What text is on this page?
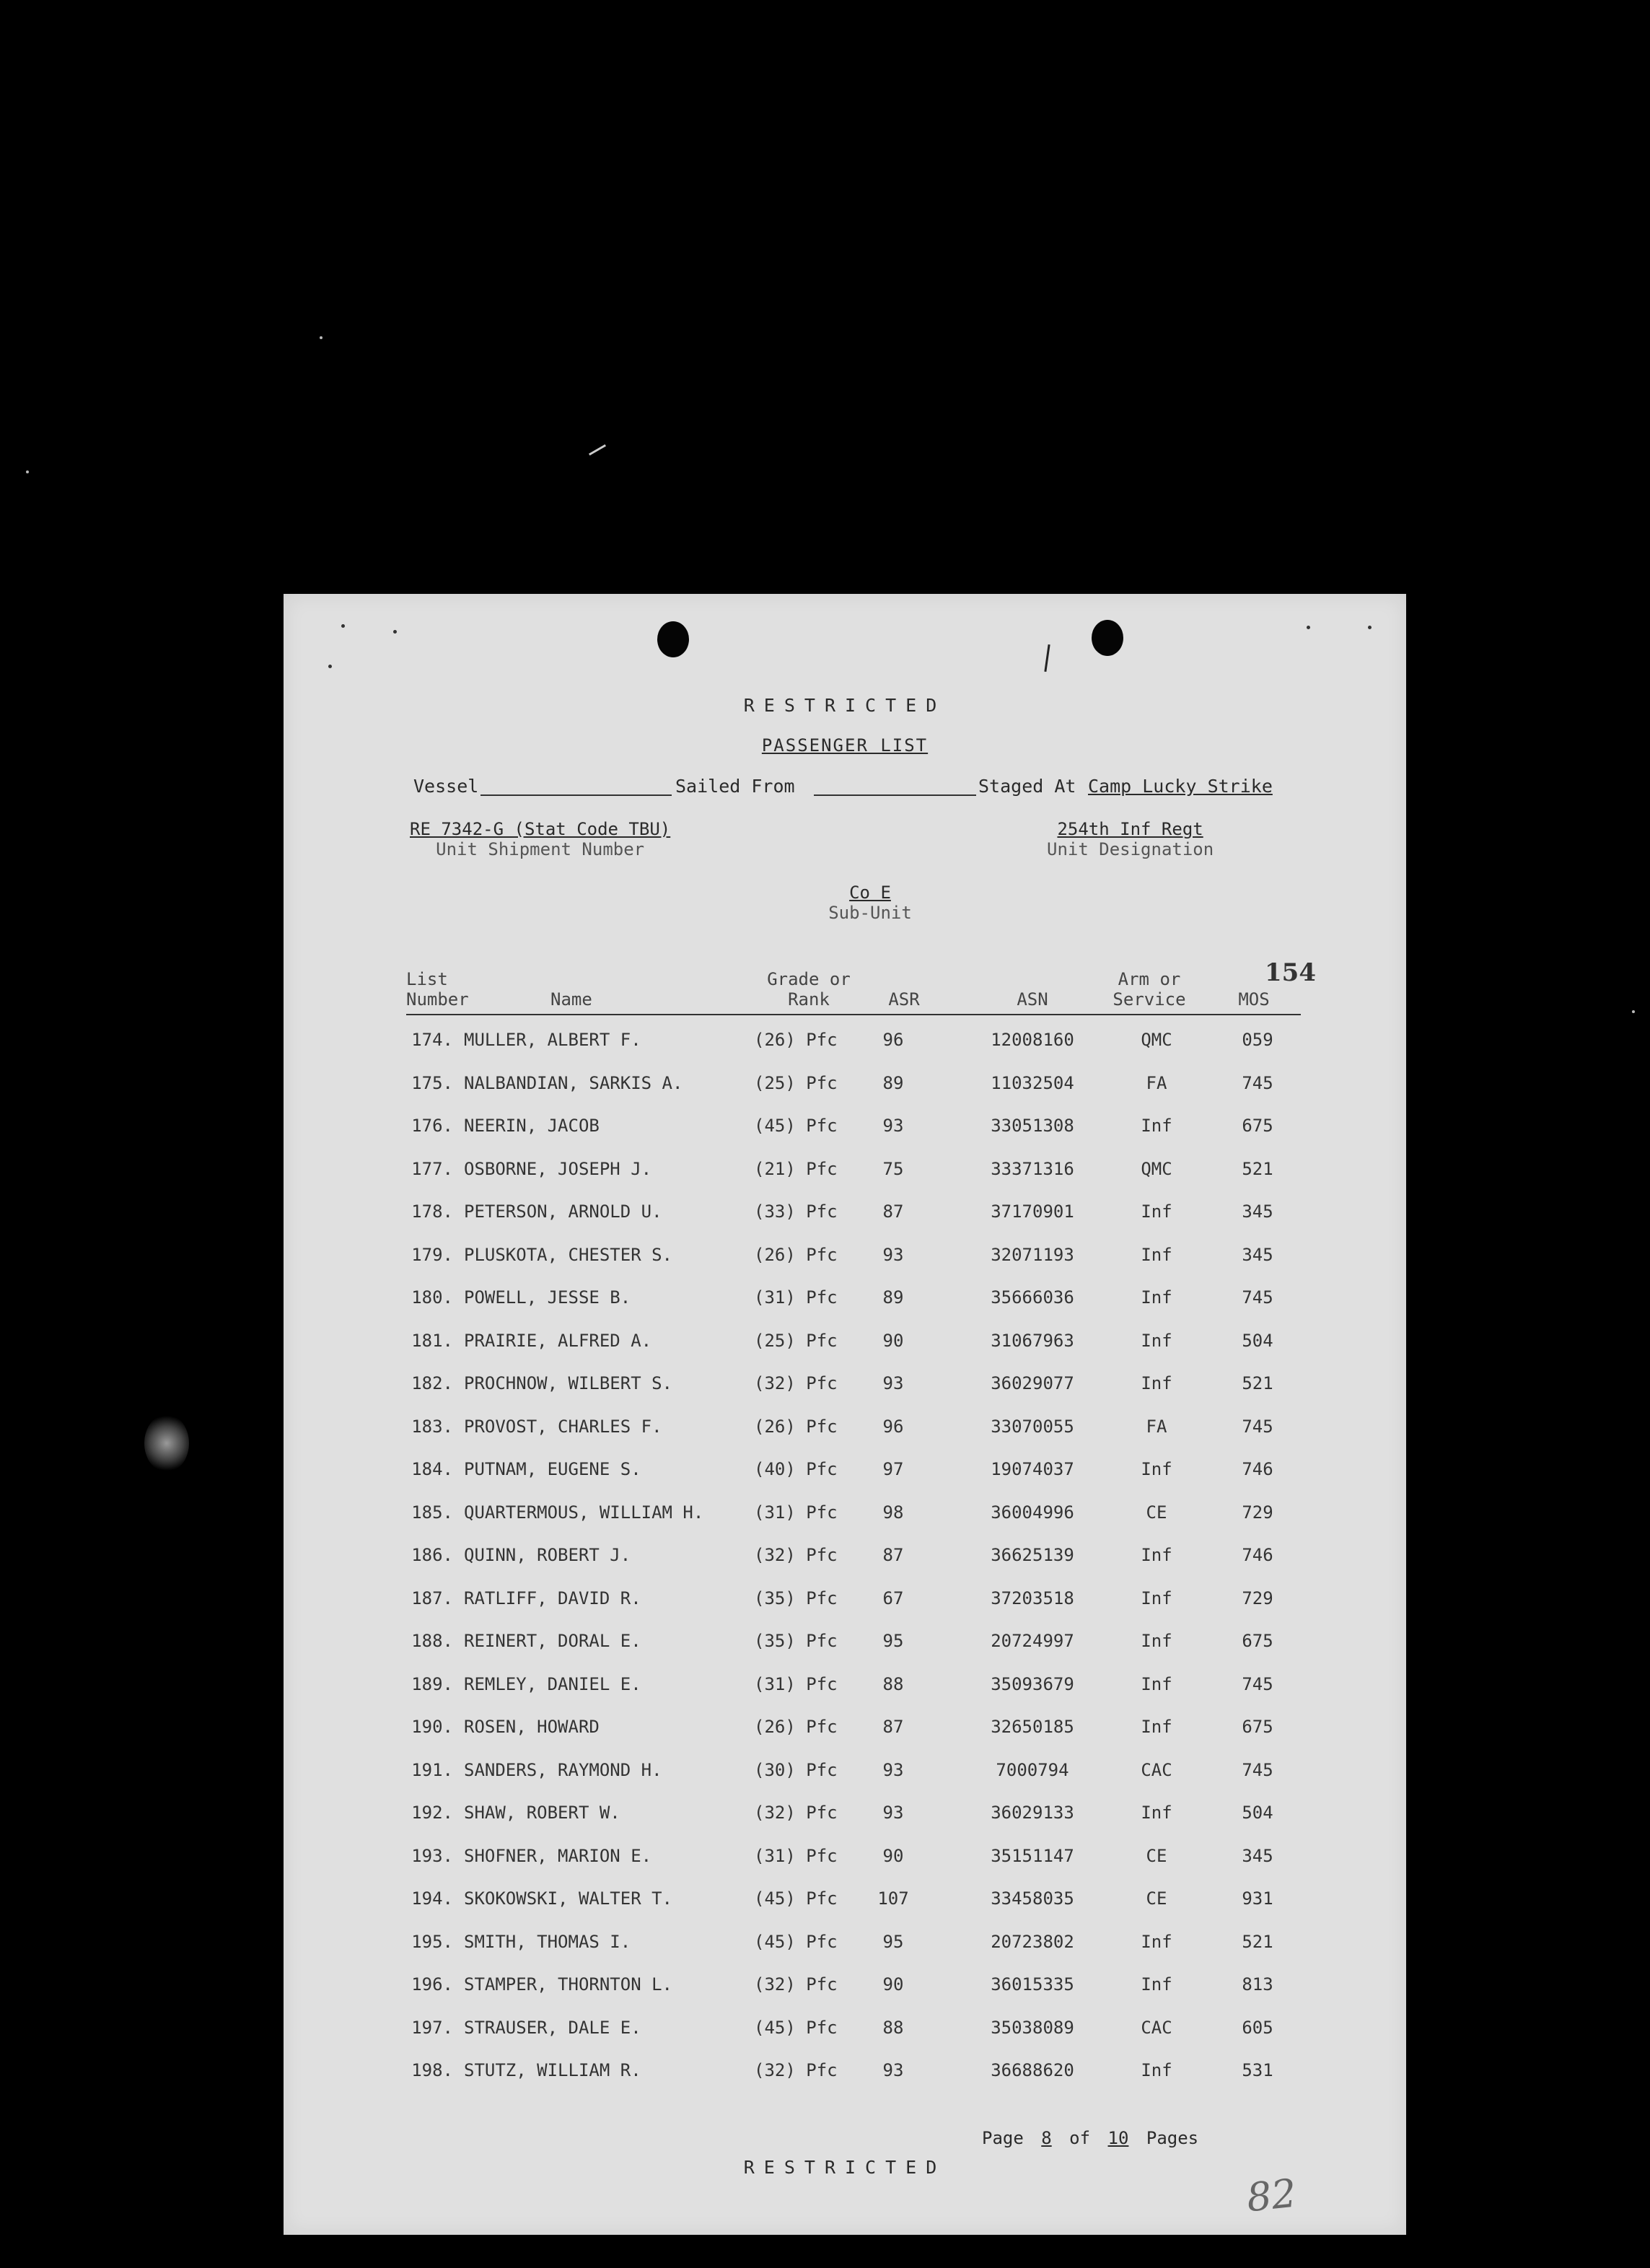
RESTRICTED
PASSENGER LIST
Vessel	Sailed From	Staged At Camp Lucky Strike
RE 7342-G (Stat Code TBU)
Unit Shipment Number
254th Inf Regt
Unit Designation
Co E
Sub-Unit
154
List
Number	Name
Grade or
Rank	ASR	ASN
Arm or
Service	MOS
174. MULLER, ALBERT F.	(26) Pfc	96	12008160	QMC	059
175. NALBANDIAN, SARKIS A.	(25) Pfc	89	11032504	FA	745
176. NEERIN, JACOB	(45) Pfc	93	33051308	Inf	675
177. OSBORNE, JOSEPH J.	(21) Pfc	75	33371316	QMC	521
178. PETERSON, ARNOLD U.	(33) Pfc	87	37170901	Inf	345
179. PLUSKOTA, CHESTER S.	(26) Pfc	93	32071193	Inf	345
180. POWELL, JESSE B.	(31) Pfc	89	35666036	Inf	745
181. PRAIRIE, ALFRED A.	(25) Pfc	90	31067963	Inf	504
182. PROCHNOW, WILBERT S.	(32) Pfc	93	36029077	Inf	521
183. PROVOST, CHARLES F.	(26) Pfc	96	33070055	FA	745
184. PUTNAM, EUGENE S.	(40) Pfc	97	19074037	Inf	746
185. QUARTERMOUS, WILLIAM H.	(31) Pfc	98	36004996	CE	729
186. QUINN, ROBERT J.	(32) Pfc	87	36625139	Inf	746
187. RATLIFF, DAVID R.	(35) Pfc	67	37203518	Inf	729
188. REINERT, DORAL E.	(35) Pfc	95	20724997	Inf	675
189. REMLEY, DANIEL E.	(31) Pfc	88	35093679	Inf	745
190. ROSEN, HOWARD	(26) Pfc	87	32650185	Inf	675
191. SANDERS, RAYMOND H.	(30) Pfc	93	7000794	CAC	745
192. SHAW, ROBERT W.	(32) Pfc	93	36029133	Inf	504
193. SHOFNER, MARION E.	(31) Pfc	90	35151147	CE	345
194. SKOKOWSKI, WALTER T.	(45) Pfc	107	33458035	CE	931
195. SMITH, THOMAS I.	(45) Pfc	95	20723802	Inf	521
196. STAMPER, THORNTON L.	(32) Pfc	90	36015335	Inf	813
197. STRAUSER, DALE E.	(45) Pfc	88	35038089	CAC	605
198. STUTZ, WILLIAM R.	(32) Pfc	93	36688620	Inf	531
Page 8 of 10 Pages
RESTRICTED
82
